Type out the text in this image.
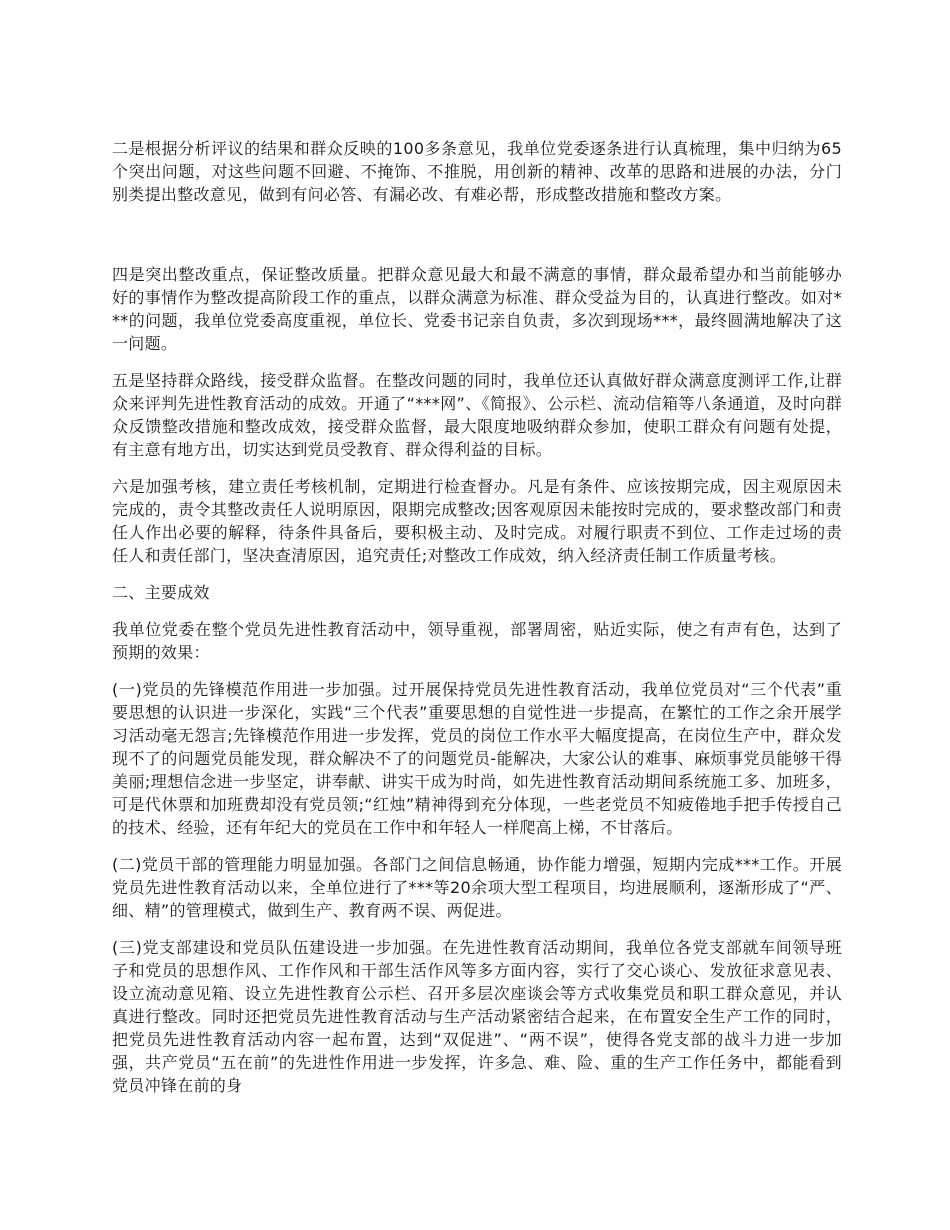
二是根据分析评议的结果和群众反映的100多条意见，我单位党委逐条进行认真梳理，集中归纳为65个突出问题，对这些问题不回避、不掩饰、不推脱，用创新的精神、改革的思路和进展的办法，分门别类提出整改意见，做到有问必答、有漏必改、有难必帮，形成整改措施和整改方案。

四是突出整改重点，保证整改质量。把群众意见最大和最不满意的事情，群众最希望办和当前能够办好的事情作为整改提高阶段工作的重点，以群众满意为标准、群众受益为目的，认真进行整改。如对***的问题，我单位党委高度重视，单位长、党委书记亲自负责，多次到现场***，最终圆满地解决了这一问题。

五是坚持群众路线，接受群众监督。在整改问题的同时，我单位还认真做好群众满意度测评工作,让群众来评判先进性教育活动的成效。开通了“***网”、《简报》、公示栏、流动信箱等八条通道，及时向群众反馈整改措施和整改成效，接受群众监督，最大限度地吸纳群众参加，使职工群众有问题有处提，有主意有地方出，切实达到党员受教育、群众得利益的目标。

六是加强考核，建立责任考核机制，定期进行检查督办。凡是有条件、应该按期完成，因主观原因未完成的，责令其整改责任人说明原因，限期完成整改;因客观原因未能按时完成的，要求整改部门和责任人作出必要的解释，待条件具备后，要积极主动、及时完成。对履行职责不到位、工作走过场的责任人和责任部门，坚决查清原因，追究责任;对整改工作成效，纳入经济责任制工作质量考核。

二、主要成效

我单位党委在整个党员先进性教育活动中，领导重视，部署周密，贴近实际，使之有声有色，达到了预期的效果：

(一)党员的先锋模范作用进一步加强。过开展保持党员先进性教育活动，我单位党员对“三个代表”重要思想的认识进一步深化，实践“三个代表”重要思想的自觉性进一步提高，在繁忙的工作之余开展学习活动毫无怨言;先锋模范作用进一步发挥，党员的岗位工作水平大幅度提高，在岗位生产中，群众发现不了的问题党员能发现，群众解决不了的问题党员-能解决，大家公认的难事、麻烦事党员能够干得美丽;理想信念进一步坚定，讲奉献、讲实干成为时尚，如先进性教育活动期间系统施工多、加班多，可是代休票和加班费却没有党员领;“红烛”精神得到充分体现，一些老党员不知疲倦地手把手传授自己的技术、经验，还有年纪大的党员在工作中和年轻人一样爬高上梯，不甘落后。

(二)党员干部的管理能力明显加强。各部门之间信息畅通，协作能力增强，短期内完成***工作。开展党员先进性教育活动以来，全单位进行了***等20余项大型工程项目，均进展顺利，逐渐形成了“严、细、精”的管理模式，做到生产、教育两不误、两促进。

(三)党支部建设和党员队伍建设进一步加强。在先进性教育活动期间，我单位各党支部就车间领导班子和党员的思想作风、工作作风和干部生活作风等多方面内容，实行了交心谈心、发放征求意见表、设立流动意见箱、设立先进性教育公示栏、召开多层次座谈会等方式收集党员和职工群众意见，并认真进行整改。同时还把党员先进性教育活动与生产活动紧密结合起来，在布置安全生产工作的同时，把党员先进性教育活动内容一起布置，达到“双促进”、“两不误”，使得各党支部的战斗力进一步加强，共产党员“五在前”的先进性作用进一步发挥，许多急、难、险、重的生产工作任务中，都能看到党员冲锋在前的身
